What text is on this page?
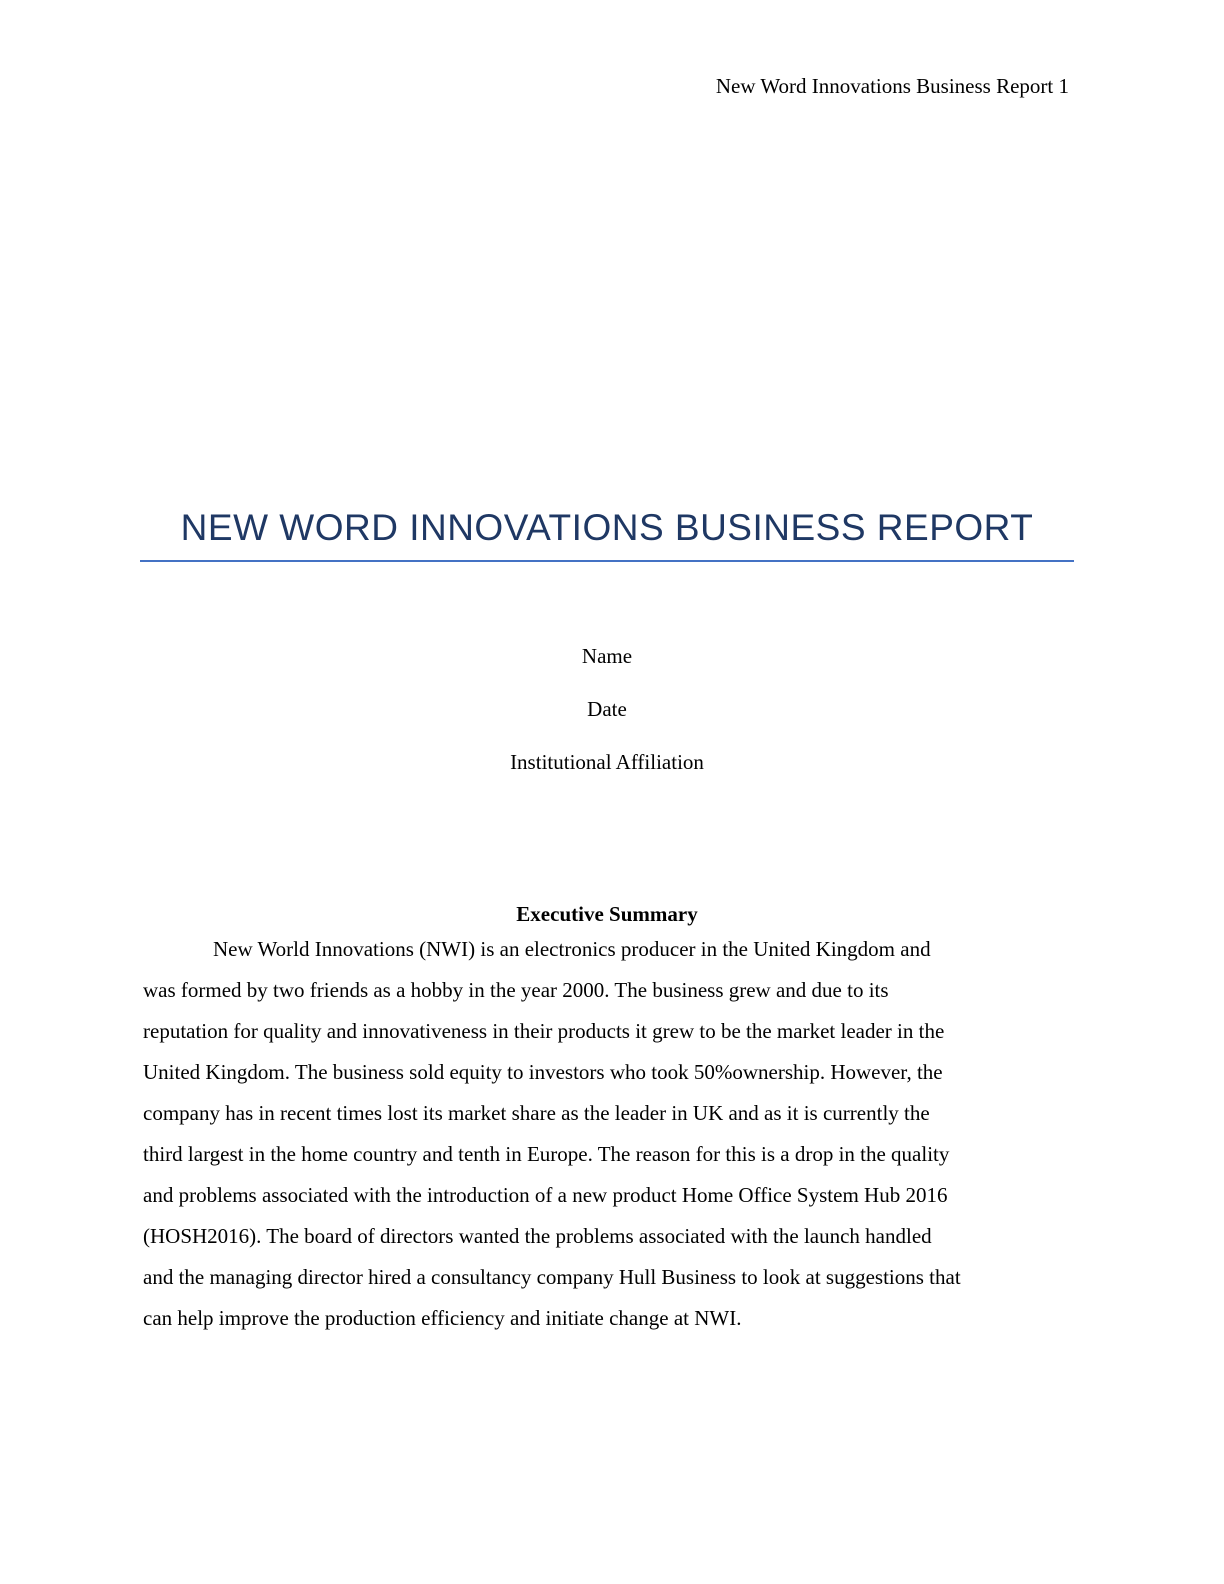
New Word Innovations Business Report 1
NEW WORD INNOVATIONS BUSINESS REPORT
Name
Date
Institutional Affiliation
Executive Summary
New World Innovations (NWI) is an electronics producer in the United Kingdom and
was formed by two friends as a hobby in the year 2000. The business grew and due to its
reputation for quality and innovativeness in their products it grew to be the market leader in the
United Kingdom. The business sold equity to investors who took 50%ownership. However, the
company has in recent times lost its market share as the leader in UK and as it is currently the
third largest in the home country and tenth in Europe. The reason for this is a drop in the quality
and problems associated with the introduction of a new product Home Office System Hub 2016
(HOSH2016). The board of directors wanted the problems associated with the launch handled
and the managing director hired a consultancy company Hull Business to look at suggestions that
can help improve the production efficiency and initiate change at NWI.
